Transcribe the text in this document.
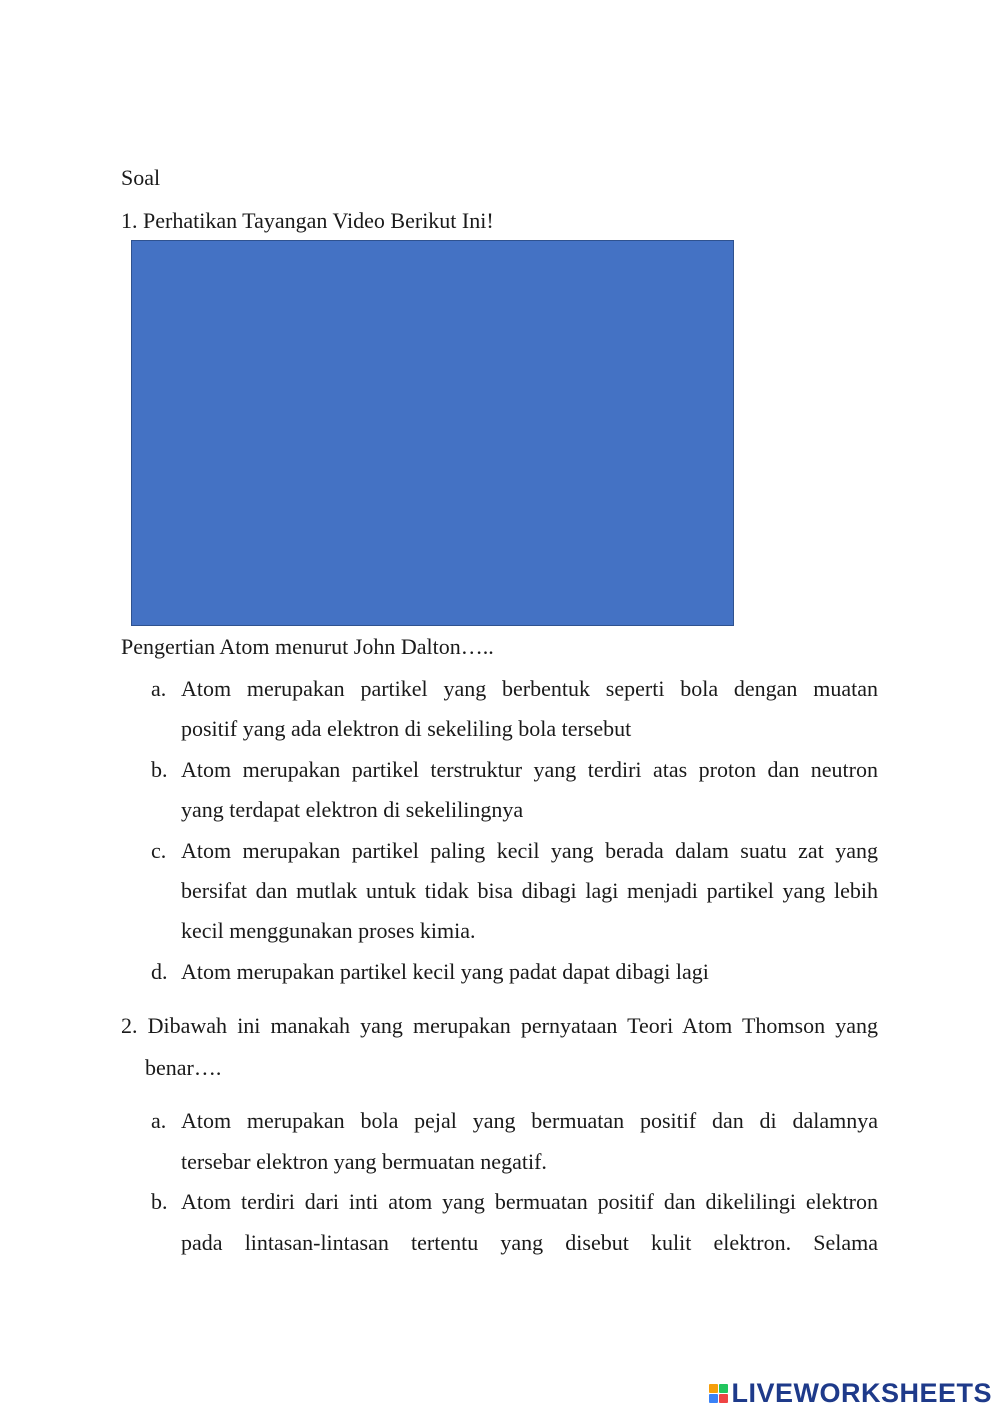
Soal
1. Perhatikan Tayangan Video Berikut Ini!
Pengertian Atom menurut John Dalton…..
a. Atom merupakan partikel yang berbentuk seperti bola dengan muatan
positif yang ada elektron di sekeliling bola tersebut
b. Atom merupakan partikel terstruktur yang terdiri atas proton dan neutron
yang terdapat elektron di sekelilingnya
c. Atom merupakan partikel paling kecil yang berada dalam suatu zat yang
bersifat dan mutlak untuk tidak bisa dibagi lagi menjadi partikel yang lebih
kecil menggunakan proses kimia.
d. Atom merupakan partikel kecil yang padat dapat dibagi lagi
2. Dibawah ini manakah yang merupakan pernyataan Teori Atom Thomson yang
benar….
a. Atom merupakan bola pejal yang bermuatan positif dan di dalamnya
tersebar elektron yang bermuatan negatif.
b. Atom terdiri dari inti atom yang bermuatan positif dan dikelilingi elektron
pada lintasan-lintasan tertentu yang disebut kulit elektron. Selama
LIVEWORKSHEETS
